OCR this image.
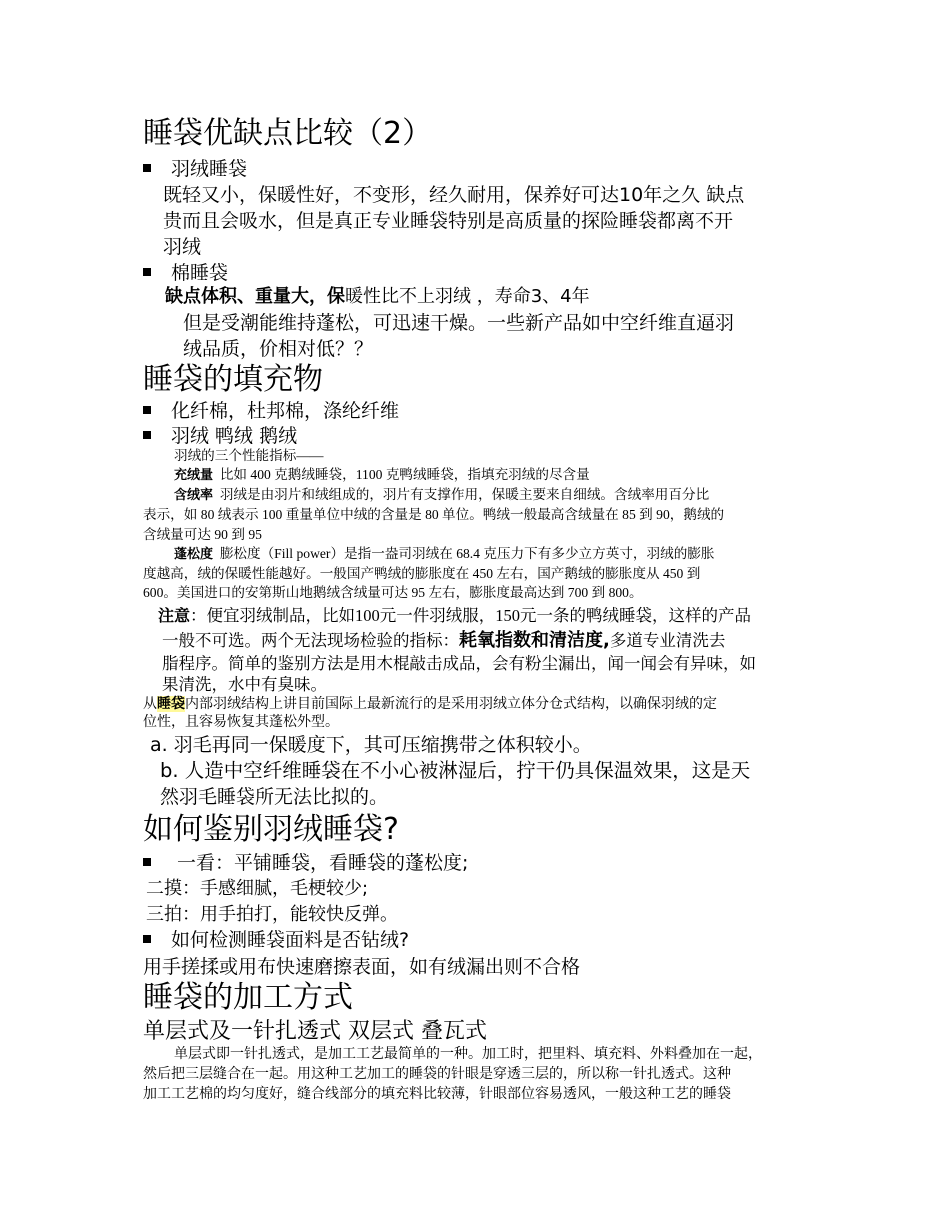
睡袋优缺点比较（2）
羽绒睡袋
既轻又小，保暖性好，不变形，经久耐用，保养好可达10年之久 缺点
贵而且会吸水，但是真正专业睡袋特别是高质量的探险睡袋都离不开
羽绒
棉睡袋
缺点体积、重量大，保暖性比不上羽绒 ，寿命3、4年
但是受潮能维持蓬松，可迅速干燥。一些新产品如中空纤维直逼羽
绒品质，价相对低？？
睡袋的填充物
化纤棉，杜邦棉，涤纶纤维
羽绒 鸭绒 鹅绒
羽绒的三个性能指标——
充绒量 比如 400 克鹅绒睡袋，1100 克鸭绒睡袋，指填充羽绒的尽含量
含绒率 羽绒是由羽片和绒组成的，羽片有支撑作用，保暖主要来自细绒。含绒率用百分比
表示，如 80 绒表示 100 重量单位中绒的含量是 80 单位。鸭绒一般最高含绒量在 85 到 90，鹅绒的
含绒量可达 90 到 95
蓬松度 膨松度（Fill power）是指一盎司羽绒在 68.4 克压力下有多少立方英寸，羽绒的膨胀
度越高，绒的保暖性能越好。一般国产鸭绒的膨胀度在 450 左右，国产鹅绒的膨胀度从 450 到
600。美国进口的安第斯山地鹅绒含绒量可达 95 左右，膨胀度最高达到 700 到 800。
注意：便宜羽绒制品，比如100元一件羽绒服，150元一条的鸭绒睡袋，这样的产品
一般不可选。两个无法现场检验的指标：耗氧指数和清洁度,多道专业清洗去
脂程序。简单的鉴别方法是用木棍敲击成品，会有粉尘漏出，闻一闻会有异味，如
果清洗，水中有臭味。
从睡袋内部羽绒结构上讲目前国际上最新流行的是采用羽绒立体分仓式结构，以确保羽绒的定
位性，且容易恢复其蓬松外型。
a. 羽毛再同一保暖度下，其可压缩携带之体积较小。
b. 人造中空纤维睡袋在不小心被淋湿后，拧干仍具保温效果，这是天
然羽毛睡袋所无法比拟的。
如何鉴别羽绒睡袋?
一看：平铺睡袋，看睡袋的蓬松度;
二摸：手感细腻，毛梗较少;
三拍：用手拍打，能较快反弹。
如何检测睡袋面料是否钻绒?
用手搓揉或用布快速磨擦表面，如有绒漏出则不合格
睡袋的加工方式
单层式及一针扎透式 双层式 叠瓦式
单层式即一针扎透式，是加工工艺最简单的一种。加工时，把里料、填充料、外料叠加在一起，
然后把三层缝合在一起。用这种工艺加工的睡袋的针眼是穿透三层的，所以称一针扎透式。这种
加工工艺棉的均匀度好，缝合线部分的填充料比较薄，针眼部位容易透风，一般这种工艺的睡袋
